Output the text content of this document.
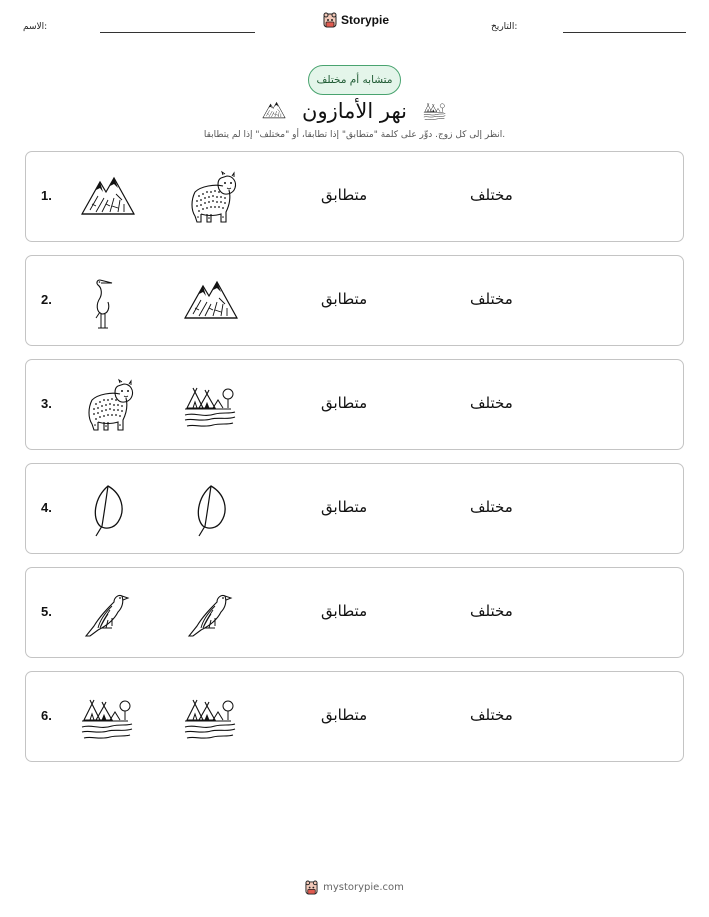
الاسم:	Storypie	التاريخ:
متشابه أم مختلف
نهر الأمازون
انظر إلى كل زوج. دوِّر على كلمة "متطابق" إذا تطابقا، أو "مختلف" إذا لم يتطابقا.
1.	متطابق	مختلف
2.	متطابق	مختلف
3.	متطابق	مختلف
4.	متطابق	مختلف
5.	متطابق	مختلف
6.	متطابق	مختلف
mystorypie.com
